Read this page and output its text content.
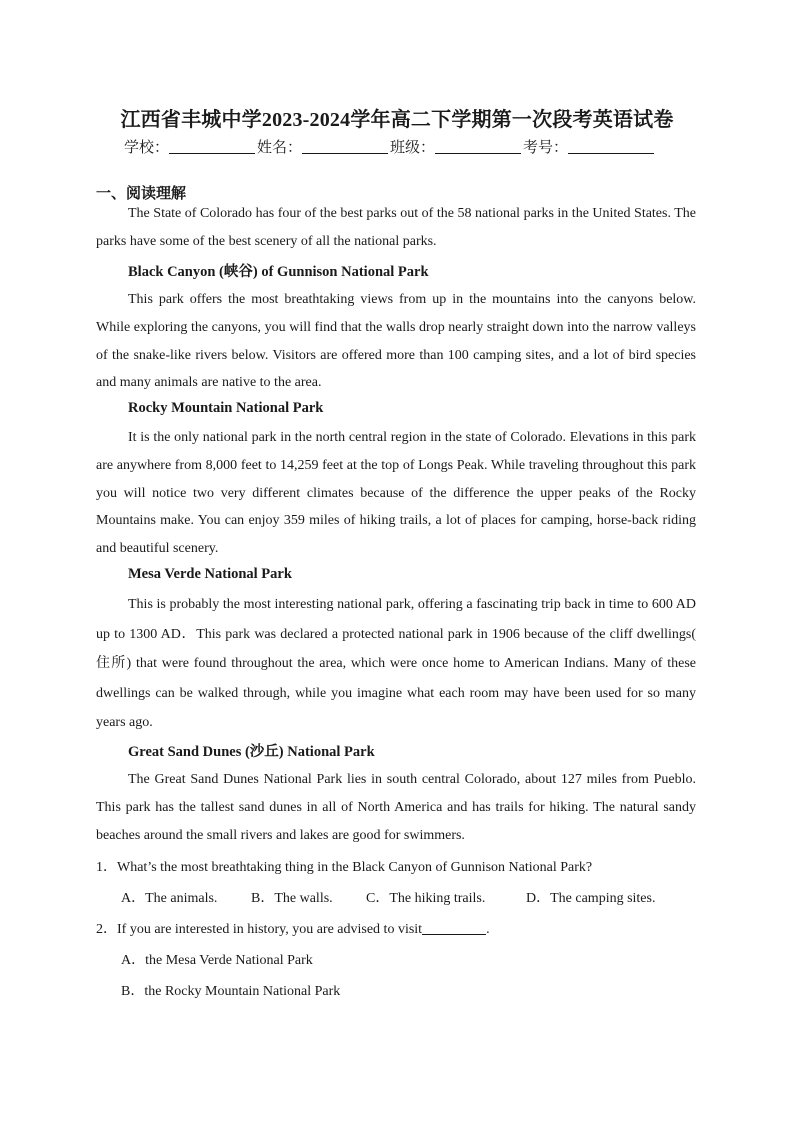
江西省丰城中学2023-2024学年高二下学期第一次段考英语试卷
学校：	姓名：	班级：	考号：
一、阅读理解

The State of Colorado has four of the best parks out of the 58 national parks in the United States. The parks have some of the best scenery of all the national parks.

Black Canyon (峡谷) of Gunnison National Park

This park offers the most breathtaking views from up in the mountains into the canyons below. While exploring the canyons, you will find that the walls drop nearly straight down into the narrow valleys of the snake-like rivers below. Visitors are offered more than 100 camping sites, and a lot of bird species and many animals are native to the area.

Rocky Mountain National Park

It is the only national park in the north central region in the state of Colorado. Elevations in this park are anywhere from 8,000 feet to 14,259 feet at the top of Longs Peak. While traveling throughout this park you will notice two very different climates because of the difference the upper peaks of the Rocky Mountains make. You can enjoy 359 miles of hiking trails, a lot of places for camping, horse-back riding and beautiful scenery.

Mesa Verde National Park

This is probably the most interesting national park, offering a fascinating trip back in time to 600 AD up to 1300 AD．This park was declared a protected national park in 1906 because of the cliff dwellings( 住所) that were found throughout the area, which were once home to American Indians. Many of these dwellings can be walked through, while you imagine what each room may have been used for so many years ago.

Great Sand Dunes (沙丘) National Park

The Great Sand Dunes National Park lies in south central Colorado, about 127 miles from Pueblo. This park has the tallest sand dunes in all of North America and has trails for hiking. The natural sandy beaches around the small rivers and lakes are good for swimmers.

1．What’s the most breathtaking thing in the Black Canyon of Gunnison National Park?
A．The animals. B．The walls. C．The hiking trails.	D．The camping sites.
2．If you are interested in history, you are advised to visit	.
A．the Mesa Verde National Park
B．the Rocky Mountain National Park
